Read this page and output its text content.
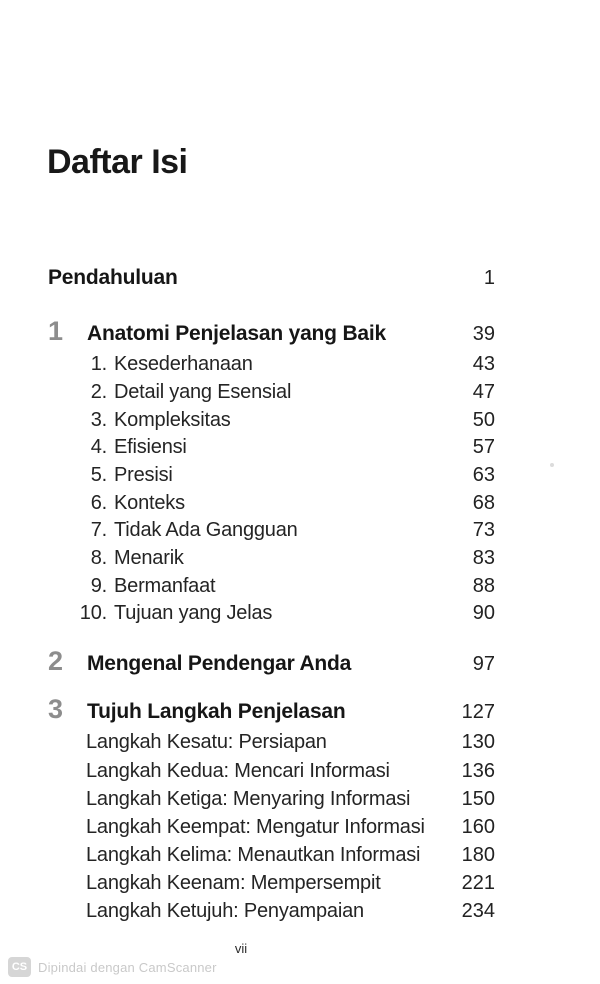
Daftar Isi
Pendahuluan	1
1	Anatomi Penjelasan yang Baik	39
1. Kesederhanaan	43
2. Detail yang Esensial	47
3. Kompleksitas	50
4. Efisiensi	57
5. Presisi	63
6. Konteks	68
7. Tidak Ada Gangguan	73
8. Menarik	83
9. Bermanfaat	88
10. Tujuan yang Jelas	90
2	Mengenal Pendengar Anda	97
3	Tujuh Langkah Penjelasan	127
Langkah Kesatu: Persiapan	130
Langkah Kedua: Mencari Informasi	136
Langkah Ketiga: Menyaring Informasi	150
Langkah Keempat: Mengatur Informasi	160
Langkah Kelima: Menautkan Informasi	180
Langkah Keenam: Mempersempit	221
Langkah Ketujuh: Penyampaian	234
vii
CS Dipindai dengan CamScanner
